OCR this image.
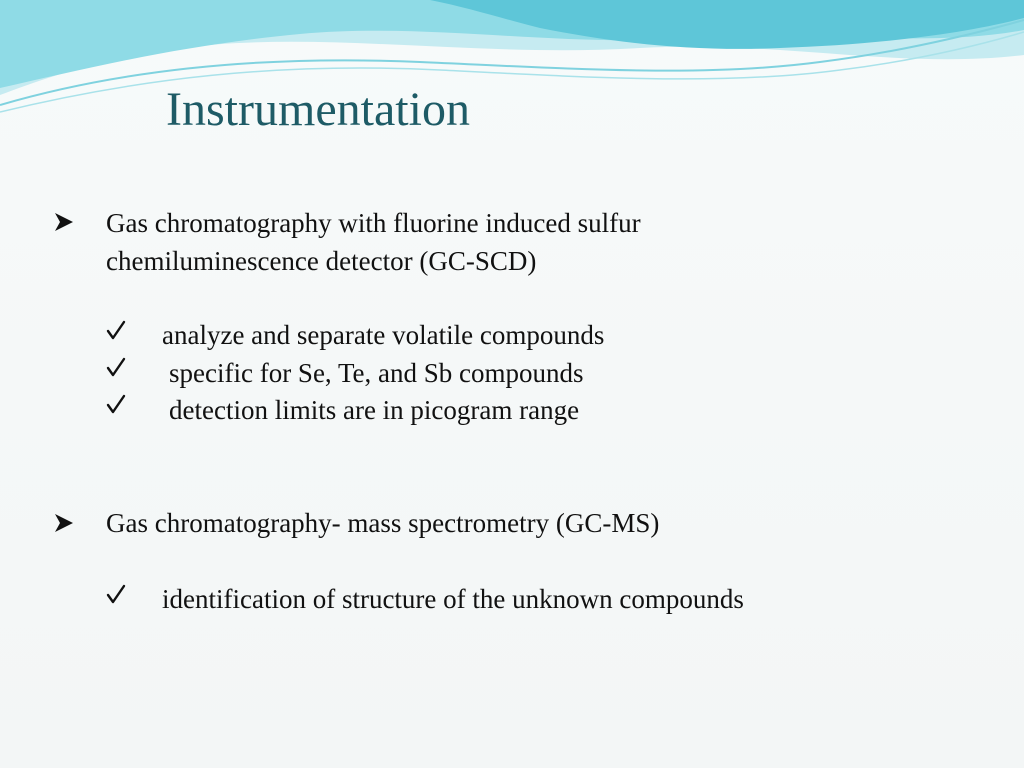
Instrumentation
Gas chromatography with fluorine induced sulfur
chemiluminescence detector (GC-SCD)
analyze and separate volatile compounds
specific for Se, Te, and Sb compounds
detection limits are in picogram range
Gas chromatography- mass spectrometry (GC-MS)
identification of structure of the unknown compounds
